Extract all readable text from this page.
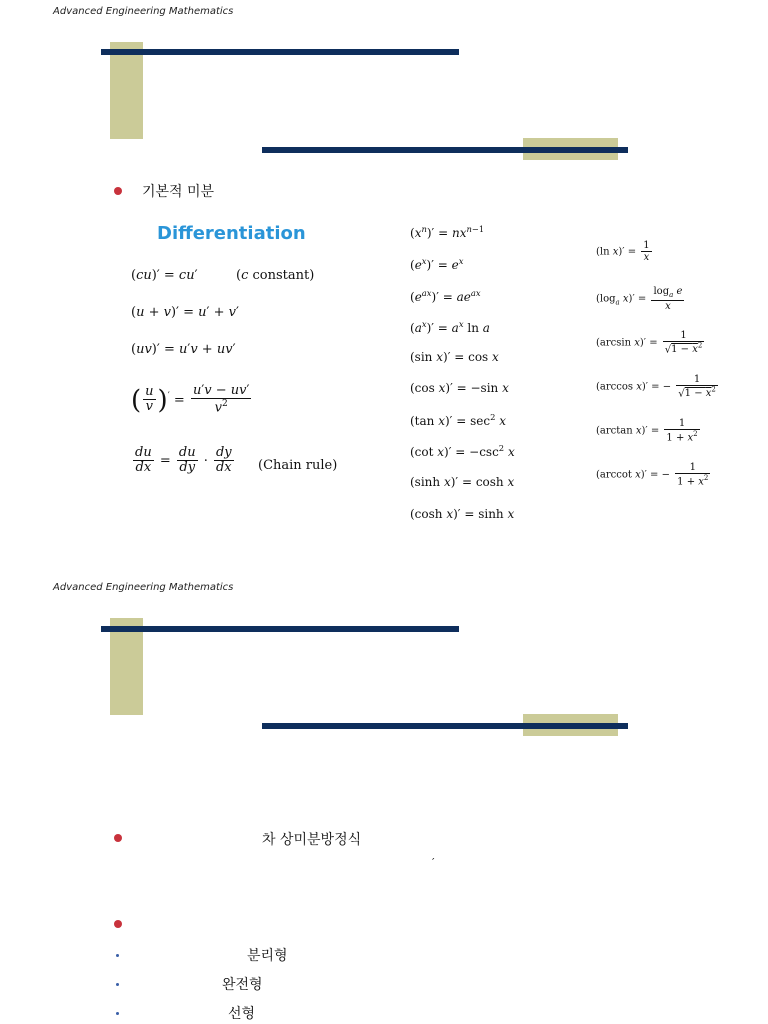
Advanced Engineering Mathematics
기본적 미분
Differentiation
(cu)′ = cu′	(c constant)
(u + v)′ = u′ + v′
(uv)′ = u′v + uv′
( $\frac{u}{v} )' = \frac{u'v - uv'}{v^2}$
$\frac{du}{dx} = \frac{du}{dy} \cdot \frac{dy}{dx}$ (Chain rule)
$(x^n)' = nx^{n-1}$
$(e^x)' = e^x$
$(e^{ax})' = ae^{ax}$
$(a^x)' = a^x$ ln a
(sin x)′ = cos x
(cos x)′ = −sin x
(tan $x)' = \sec^2 x$
(cot $x)' = -\csc^2$ x
(sinh x)′ = cosh x
(cosh x)′ = sinh x
(ln $x)' = \frac{1}{x}$
($\log_a$ $x)' = \frac{\log_a e}{x}$
(arcsin $x)' = \frac{1}{√1 - x^2}$
(arccos x)′ = − $\frac{1}{√1 - x^2}$
(arctan $x)' = \frac{1}{1 + x^2}$
(arccot x)′ = − $\frac{1}{1 + x^2}$
Advanced Engineering Mathematics
차 상미분방정식
′
분리형
완전형
선형
